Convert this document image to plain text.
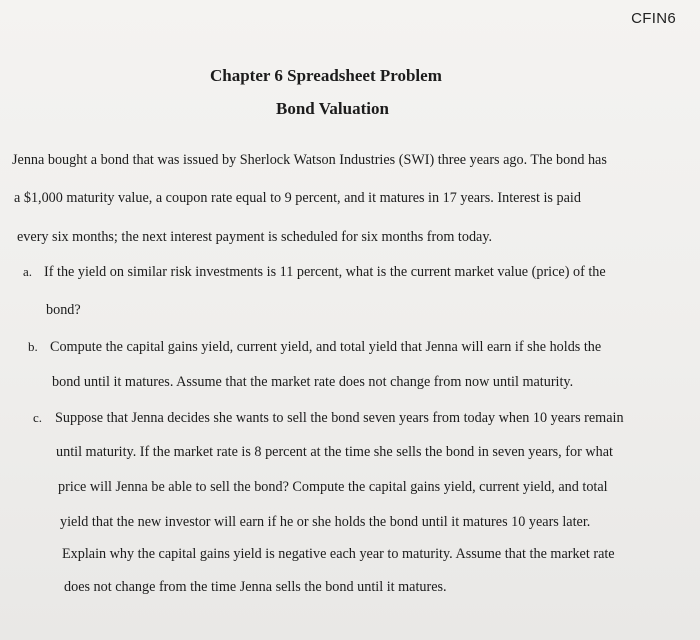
CFIN6
Chapter 6 Spreadsheet Problem
Bond Valuation
Jenna bought a bond that was issued by Sherlock Watson Industries (SWI) three years ago. The bond has
a $1,000 maturity value, a coupon rate equal to 9 percent, and it matures in 17 years. Interest is paid
every six months; the next interest payment is scheduled for six months from today.
a. If the yield on similar risk investments is 11 percent, what is the current market value (price) of the
bond?
b. Compute the capital gains yield, current yield, and total yield that Jenna will earn if she holds the
bond until it matures. Assume that the market rate does not change from now until maturity.
c. Suppose that Jenna decides she wants to sell the bond seven years from today when 10 years remain
until maturity. If the market rate is 8 percent at the time she sells the bond in seven years, for what
price will Jenna be able to sell the bond? Compute the capital gains yield, current yield, and total
yield that the new investor will earn if he or she holds the bond until it matures 10 years later.
Explain why the capital gains yield is negative each year to maturity. Assume that the market rate
does not change from the time Jenna sells the bond until it matures.
